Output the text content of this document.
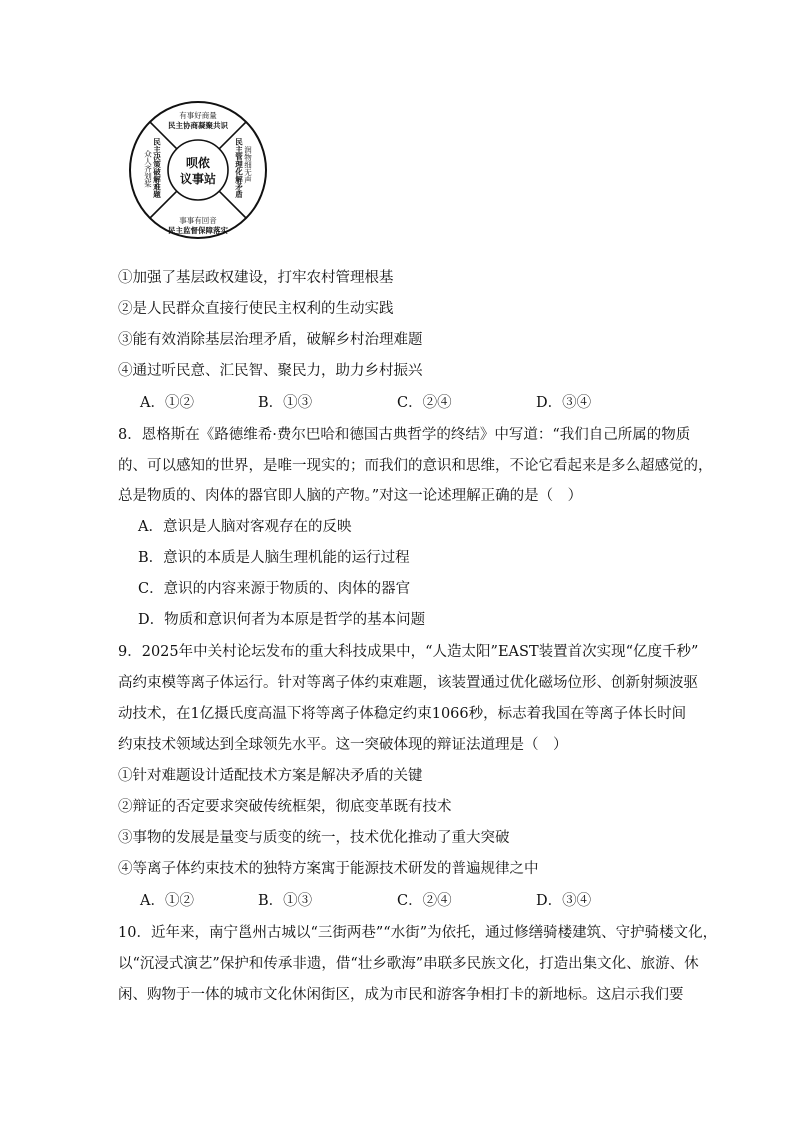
呗侬
议事站
有事好商量
民主协商凝聚共识
事事有回音
民主监督保障落实
润物细无声
民主管理化解矛盾
众人齐划桨 民主决策破解难题
①加强了基层政权建设，打牢农村管理根基
②是人民群众直接行使民主权利的生动实践
③能有效消除基层治理矛盾，破解乡村治理难题
④通过听民意、汇民智、聚民力，助力乡村振兴
A．①②	B．①③	C．②④	D．③④
8．恩格斯在《路德维希·费尔巴哈和德国古典哲学的终结》中写道：“我们自己所属的物质
的、可以感知的世界，是唯一现实的；而我们的意识和思维，不论它看起来是多么超感觉的，
总是物质的、肉体的器官即人脑的产物。”对这一论述理解正确的是（　）
A．意识是人脑对客观存在的反映
B．意识的本质是人脑生理机能的运行过程
C．意识的内容来源于物质的、肉体的器官
D．物质和意识何者为本原是哲学的基本问题
9．2025年中关村论坛发布的重大科技成果中，“人造太阳”EAST装置首次实现“亿度千秒”
高约束模等离子体运行。针对等离子体约束难题，该装置通过优化磁场位形、创新射频波驱
动技术，在1亿摄氏度高温下将等离子体稳定约束1066秒，标志着我国在等离子体长时间
约束技术领域达到全球领先水平。这一突破体现的辩证法道理是（　）
①针对难题设计适配技术方案是解决矛盾的关键
②辩证的否定要求突破传统框架，彻底变革既有技术
③事物的发展是量变与质变的统一，技术优化推动了重大突破
④等离子体约束技术的独特方案寓于能源技术研发的普遍规律之中
A．①②	B．①③	C．②④	D．③④
10．近年来，南宁邕州古城以“三街两巷”“水街”为依托，通过修缮骑楼建筑、守护骑楼文化，
以“沉浸式演艺”保护和传承非遗，借“壮乡歌海”串联多民族文化，打造出集文化、旅游、休
闲、购物于一体的城市文化休闲街区，成为市民和游客争相打卡的新地标。这启示我们要
